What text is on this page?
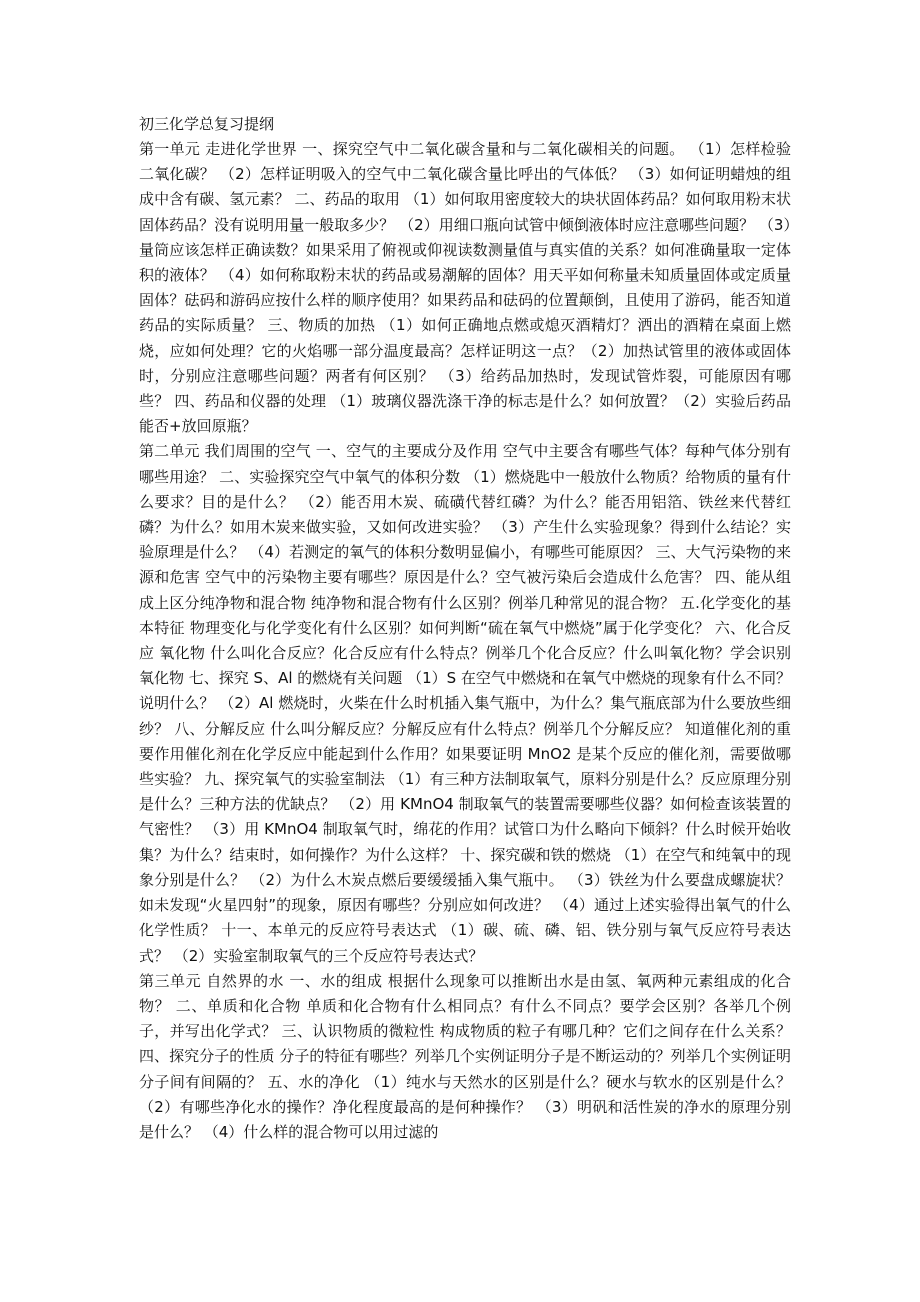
初三化学总复习提纲

第一单元 走进化学世界 一、探究空气中二氧化碳含量和与二氧化碳相关的问题。 （1）怎样检验二氧化碳？ （2）怎样证明吸入的空气中二氧化碳含量比呼出的气体低？ （3）如何证明蜡烛的组成中含有碳、氢元素？ 二、药品的取用 （1）如何取用密度较大的块状固体药品？如何取用粉末状固体药品？没有说明用量一般取多少？ （2）用细口瓶向试管中倾倒液体时应注意哪些问题？ （3）量筒应该怎样正确读数？如果采用了俯视或仰视读数测量值与真实值的关系？如何准确量取一定体积的液体？ （4）如何称取粉末状的药品或易潮解的固体？用天平如何称量未知质量固体或定质量固体？砝码和游码应按什么样的顺序使用？如果药品和砝码的位置颠倒，且使用了游码，能否知道药品的实际质量？ 三、物质的加热 （1）如何正确地点燃或熄灭酒精灯？洒出的酒精在桌面上燃烧，应如何处理？它的火焰哪一部分温度最高？怎样证明这一点？（2）加热试管里的液体或固体时，分别应注意哪些问题？两者有何区别？ （3）给药品加热时，发现试管炸裂，可能原因有哪些？ 四、药品和仪器的处理 （1）玻璃仪器洗涤干净的标志是什么？如何放置？（2）实验后药品能否+放回原瓶？

第二单元 我们周围的空气 一、空气的主要成分及作用 空气中主要含有哪些气体？每种气体分别有哪些用途？ 二、实验探究空气中氧气的体积分数 （1）燃烧匙中一般放什么物质？给物质的量有什么要求？目的是什么？ （2）能否用木炭、硫磺代替红磷？为什么？能否用铝箔、铁丝来代替红磷？为什么？如用木炭来做实验，又如何改进实验？ （3）产生什么实验现象？得到什么结论？实验原理是什么？ （4）若测定的氧气的体积分数明显偏小，有哪些可能原因？ 三、大气污染物的来源和危害 空气中的污染物主要有哪些？原因是什么？空气被污染后会造成什么危害？ 四、能从组成上区分纯净物和混合物 纯净物和混合物有什么区别？例举几种常见的混合物？ 五.化学变化的基本特征 物理变化与化学变化有什么区别？如何判断“硫在氧气中燃烧”属于化学变化？ 六、化合反应 氧化物 什么叫化合反应？化合反应有什么特点？例举几个化合反应？什么叫氧化物？学会识别氧化物 七、探究 S、Al 的燃烧有关问题 （1）S 在空气中燃烧和在氧气中燃烧的现象有什么不同？说明什么？ （2）Al 燃烧时，火柴在什么时机插入集气瓶中，为什么？集气瓶底部为什么要放些细纱？ 八、分解反应 什么叫分解反应？分解反应有什么特点？例举几个分解反应？ 知道催化剂的重要作用催化剂在化学反应中能起到什么作用？如果要证明 MnO2 是某个反应的催化剂，需要做哪些实验？ 九、探究氧气的实验室制法 （1）有三种方法制取氧气，原料分别是什么？反应原理分别是什么？三种方法的优缺点？ （2）用 KMnO4 制取氧气的装置需要哪些仪器？如何检查该装置的气密性？ （3）用 KMnO4 制取氧气时，绵花的作用？试管口为什么略向下倾斜？什么时候开始收集？为什么？结束时，如何操作？为什么这样？ 十、探究碳和铁的燃烧 （1）在空气和纯氧中的现象分别是什么？ （2）为什么木炭点燃后要缓缓插入集气瓶中。 （3）铁丝为什么要盘成螺旋状？如未发现“火星四射”的现象，原因有哪些？分别应如何改进？ （4）通过上述实验得出氧气的什么化学性质？ 十一、本单元的反应符号表达式 （1）碳、硫、磷、铝、铁分别与氧气反应符号表达式？ （2）实验室制取氧气的三个反应符号表达式？

第三单元 自然界的水 一、水的组成 根据什么现象可以推断出水是由氢、氧两种元素组成的化合物？ 二、单质和化合物 单质和化合物有什么相同点？有什么不同点？要学会区别？各举几个例子，并写出化学式？ 三、认识物质的微粒性 构成物质的粒子有哪几种？它们之间存在什么关系？ 四、探究分子的性质 分子的特征有哪些？列举几个实例证明分子是不断运动的？列举几个实例证明分子间有间隔的？ 五、水的净化 （1）纯水与天然水的区别是什么？硬水与软水的区别是什么？ （2）有哪些净化水的操作？净化程度最高的是何种操作？ （3）明矾和活性炭的净水的原理分别是什么？ （4）什么样的混合物可以用过滤的
